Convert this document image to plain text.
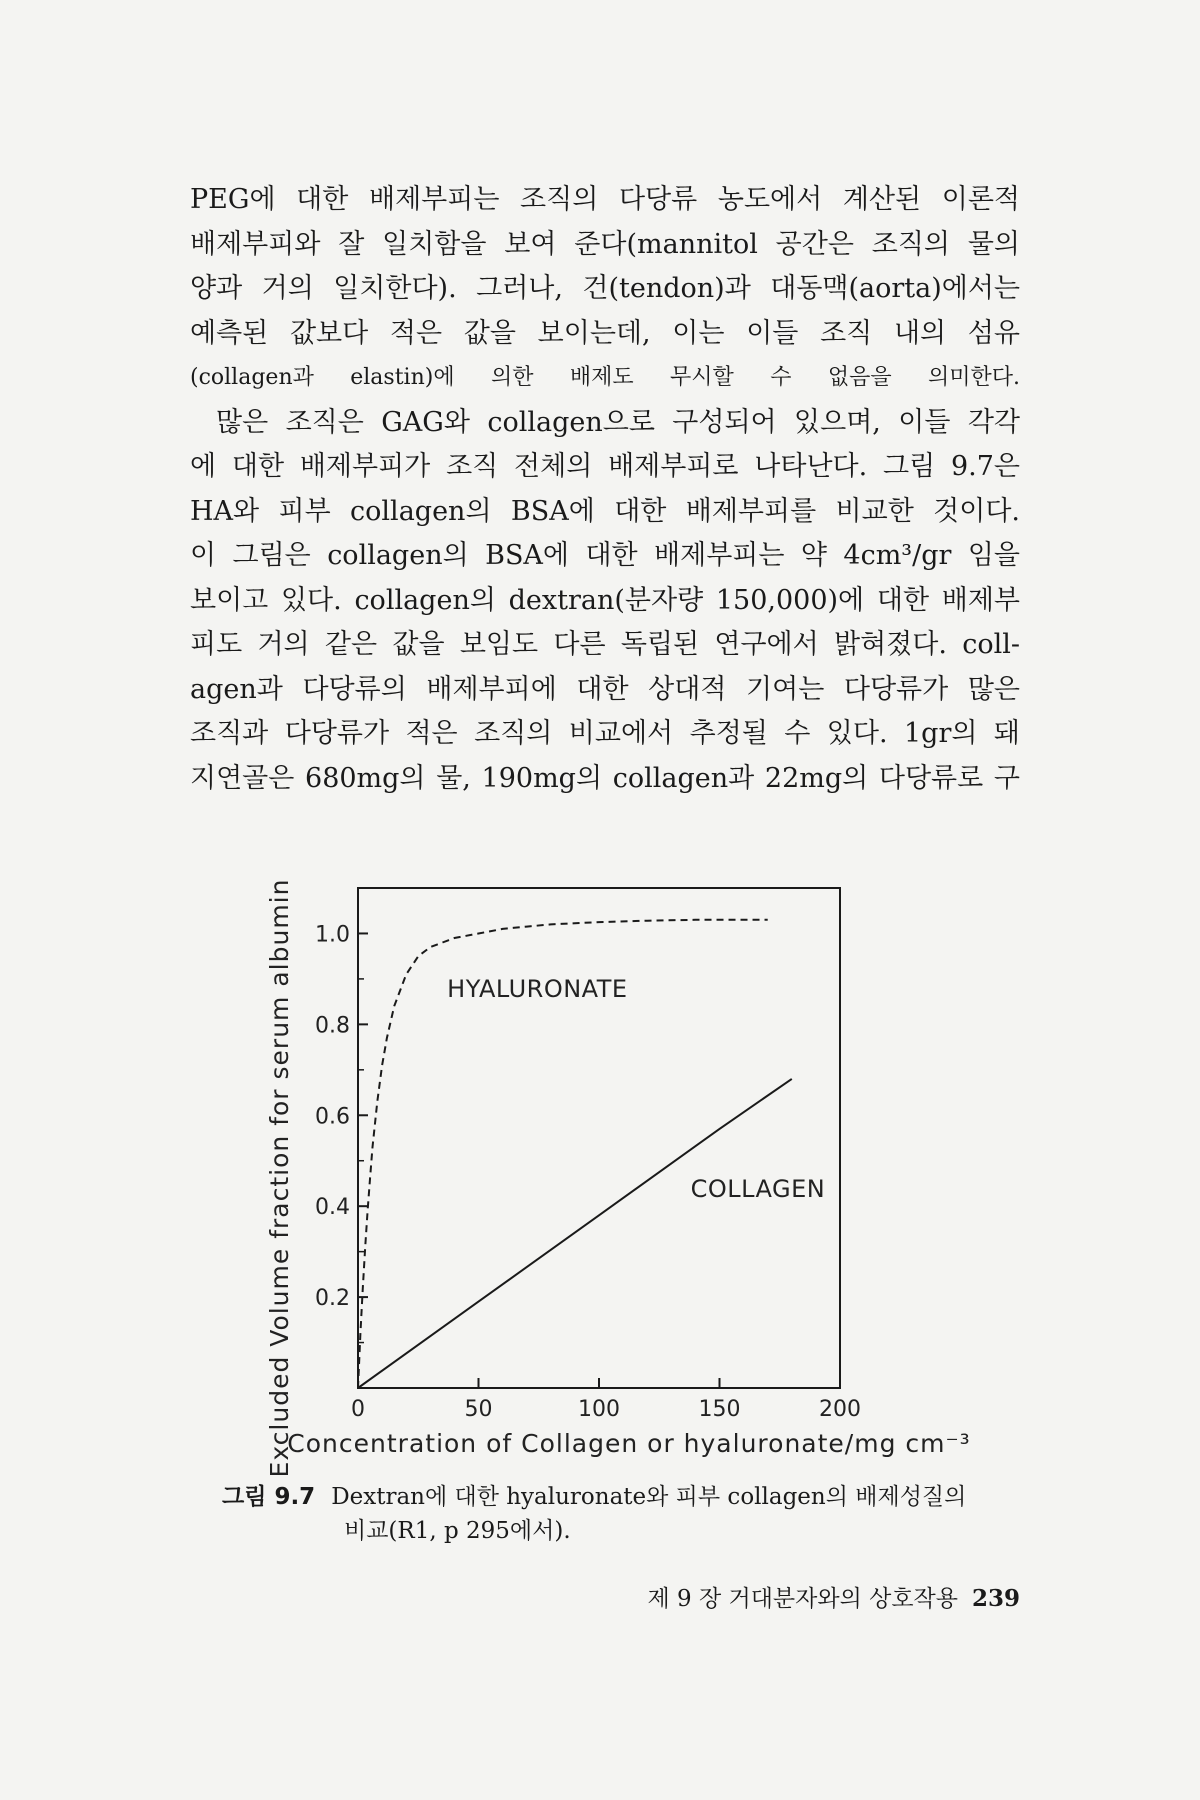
PEG에 대한 배제부피는 조직의 다당류 농도에서 계산된 이론적
배제부피와 잘 일치함을 보여 준다(mannitol 공간은 조직의 물의
양과 거의 일치한다). 그러나, 건(tendon)과 대동맥(aorta)에서는
예측된 값보다 적은 값을 보이는데, 이는 이들 조직 내의 섬유
(collagen과 elastin)에 의한 배제도 무시할 수 없음을 의미한다.
많은 조직은 GAG와 collagen으로 구성되어 있으며, 이들 각각
에 대한 배제부피가 조직 전체의 배제부피로 나타난다. 그림 9.7은
HA와 피부 collagen의 BSA에 대한 배제부피를 비교한 것이다.
이 그림은 collagen의 BSA에 대한 배제부피는 약 4cm³/gr 임을
보이고 있다. collagen의 dextran(분자량 150,000)에 대한 배제부
피도 거의 같은 값을 보임도 다른 독립된 연구에서 밝혀졌다. coll-
agen과 다당류의 배제부피에 대한 상대적 기여는 다당류가 많은
조직과 다당류가 적은 조직의 비교에서 추정될 수 있다. 1gr의 돼
지연골은 680mg의 물, 190mg의 collagen과 22mg의 다당류로 구
Excluded Volume fraction for serum albumin
Concentration of Collagen or hyaluronate/mg cm⁻³
0.2
0.4
0.6
0.8
1.0
0	50	100	150	200
HYALURONATE
COLLAGEN
그림 9.7 Dextran에 대한 hyaluronate와 피부 collagen의 배제성질의
비교(R1, p 295에서).
제 9 장 거대분자와의 상호작용 239
